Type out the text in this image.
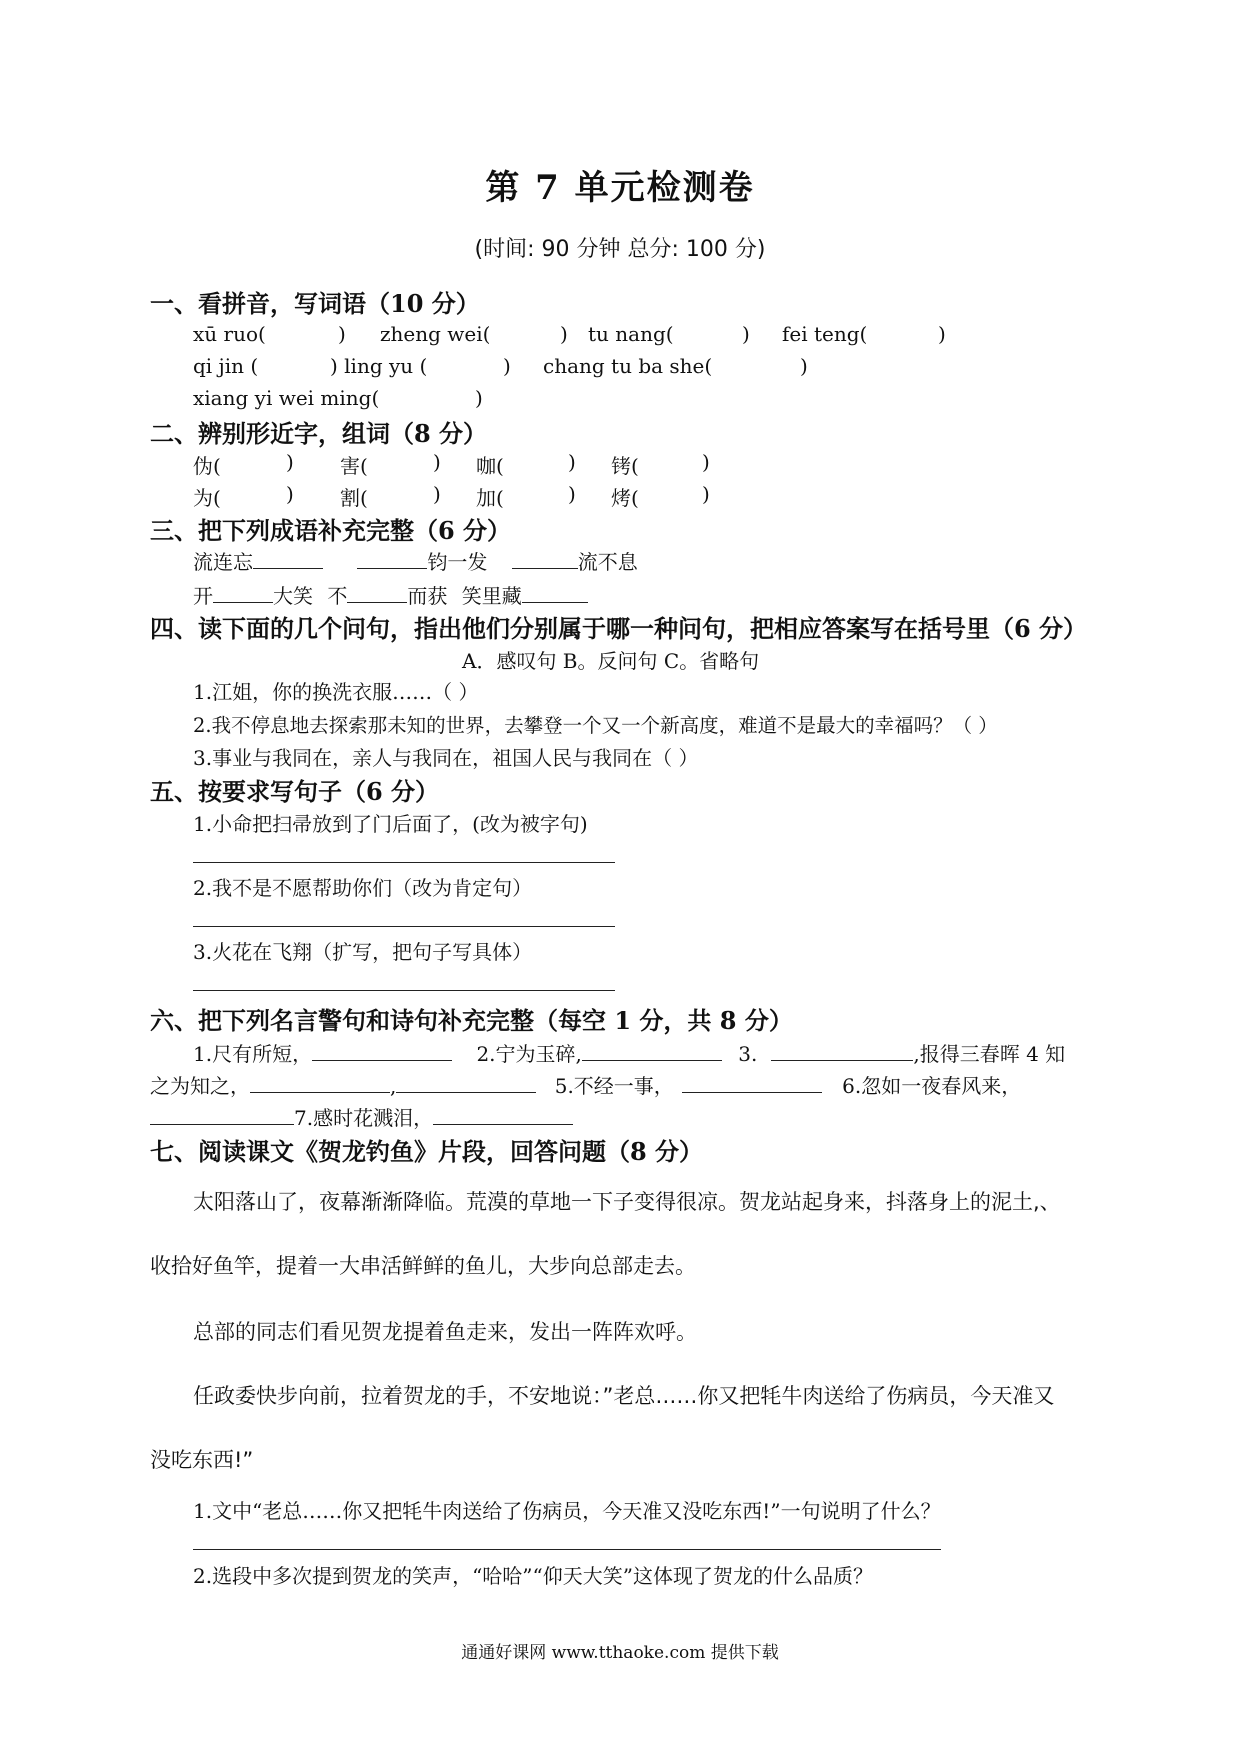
第 7 单元检测卷
(时间: 90 分钟 总分: 100 分)
一、看拼音，写词语（10 分）
xū ruo(	) zheng wei(	) tu nang(	) fei teng(	)
qi jin (	) ling yu (	) chang tu ba she(	)
xiang yi wei ming(	)
二、辨别形近字，组词（8 分）
伪(	) 害(	) 咖(	) 铐(	)
为(	) 割(	) 加(	) 烤(	)
三、把下列成语补充完整（6 分）
流连忘	钧一发	流不息
开	大笑 不	而获 笑里藏
四、读下面的几个问句，指出他们分别属于哪一种问句，把相应答案写在括号里（6 分）
A．感叹句 B。反问句 C。省略句
1.江姐，你的换洗衣服……（ ）
2.我不停息地去探索那未知的世界，去攀登一个又一个新高度，难道不是最大的幸福吗？（ ）
3.事业与我同在，亲人与我同在，祖国人民与我同在（ ）
五、按要求写句子（6 分）
1.小命把扫帚放到了门后面了，(改为被字句)
2.我不是不愿帮助你们（改为肯定句）
3.火花在飞翔（扩写，把句子写具体）
六、把下列名言警句和诗句补充完整（每空 1 分，共 8 分）
1.尺有所短，	2.宁为玉碎,	3.	,报得三春晖 4 知
之为知之，	,	5.不经一事，	6.忽如一夜春风来，
7.感时花溅泪，
七、阅读课文《贺龙钓鱼》片段，回答问题（8 分）
太阳落山了，夜幕渐渐降临。荒漠的草地一下子变得很凉。贺龙站起身来，抖落身上的泥土,、
收拾好鱼竿，提着一大串活鲜鲜的鱼儿，大步向总部走去。
总部的同志们看见贺龙提着鱼走来，发出一阵阵欢呼。
任政委快步向前，拉着贺龙的手，不安地说：”老总……你又把牦牛肉送给了伤病员，今天准又
没吃东西!”
1.文中“老总……你又把牦牛肉送给了伤病员，今天准又没吃东西!”一句说明了什么？
2.选段中多次提到贺龙的笑声，“哈哈”“仰天大笑”这体现了贺龙的什么品质？
通通好课网 www.tthaoke.com 提供下载
